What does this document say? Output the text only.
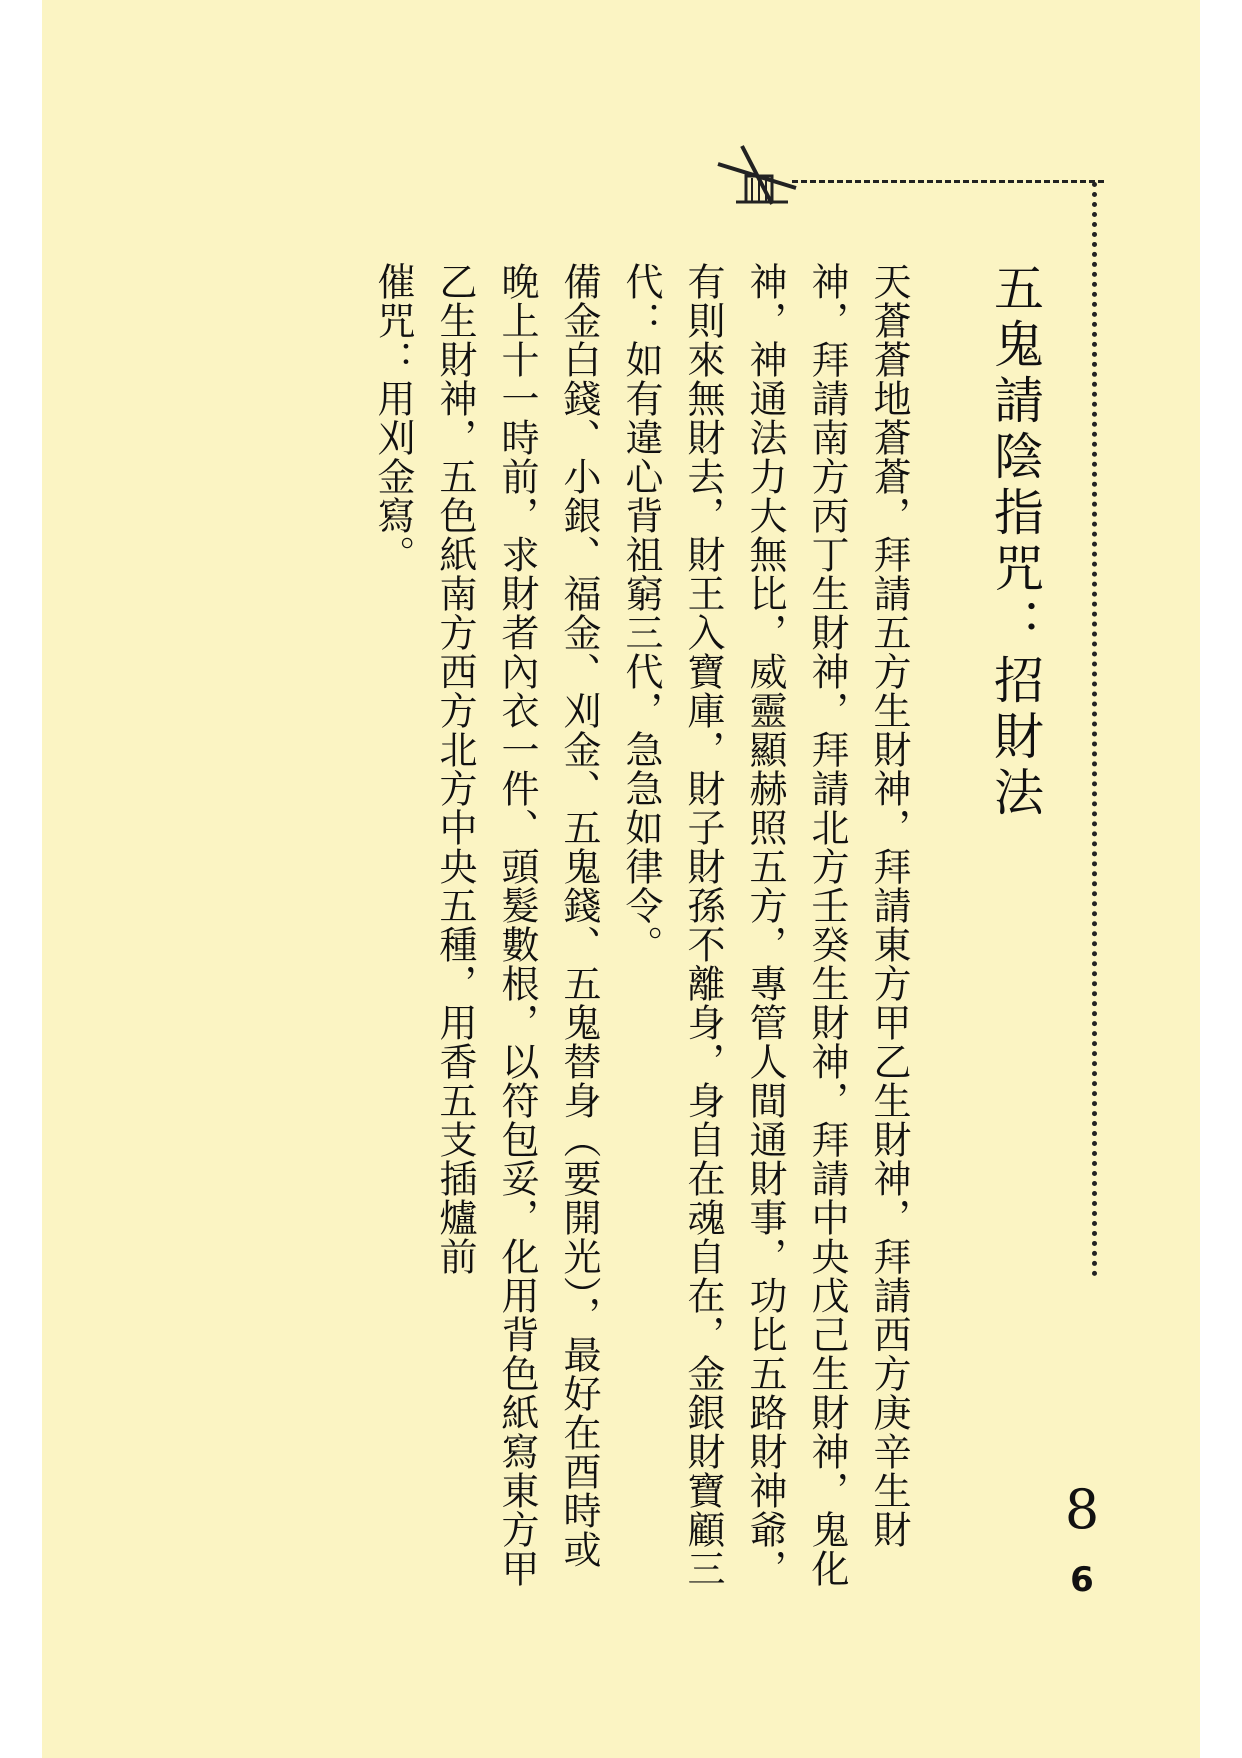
五鬼請陰指咒：招財法
天蒼蒼地蒼蒼，拜請五方生財神，拜請東方甲乙生財神，拜請西方庚辛生財
神，拜請南方丙丁生財神，拜請北方壬癸生財神，拜請中央戊己生財神，鬼化
神，神通法力大無比，威靈顯赫照五方，專管人間通財事，功比五路財神爺，
有則來無財去，財王入寶庫，財子財孫不離身，身自在魂自在，金銀財寶顧三
代：如有違心背祖窮三代，急急如律令。
備金白錢、小銀、福金、刈金、五鬼錢、五鬼替身（要開光），最好在酉時或
晚上十一時前，求財者內衣一件、頭髮數根，以符包妥，化用背色紙寫東方甲
乙生財神，五色紙南方西方北方中央五種，用香五支插爐前
催咒：用刈金寫。
8
6
